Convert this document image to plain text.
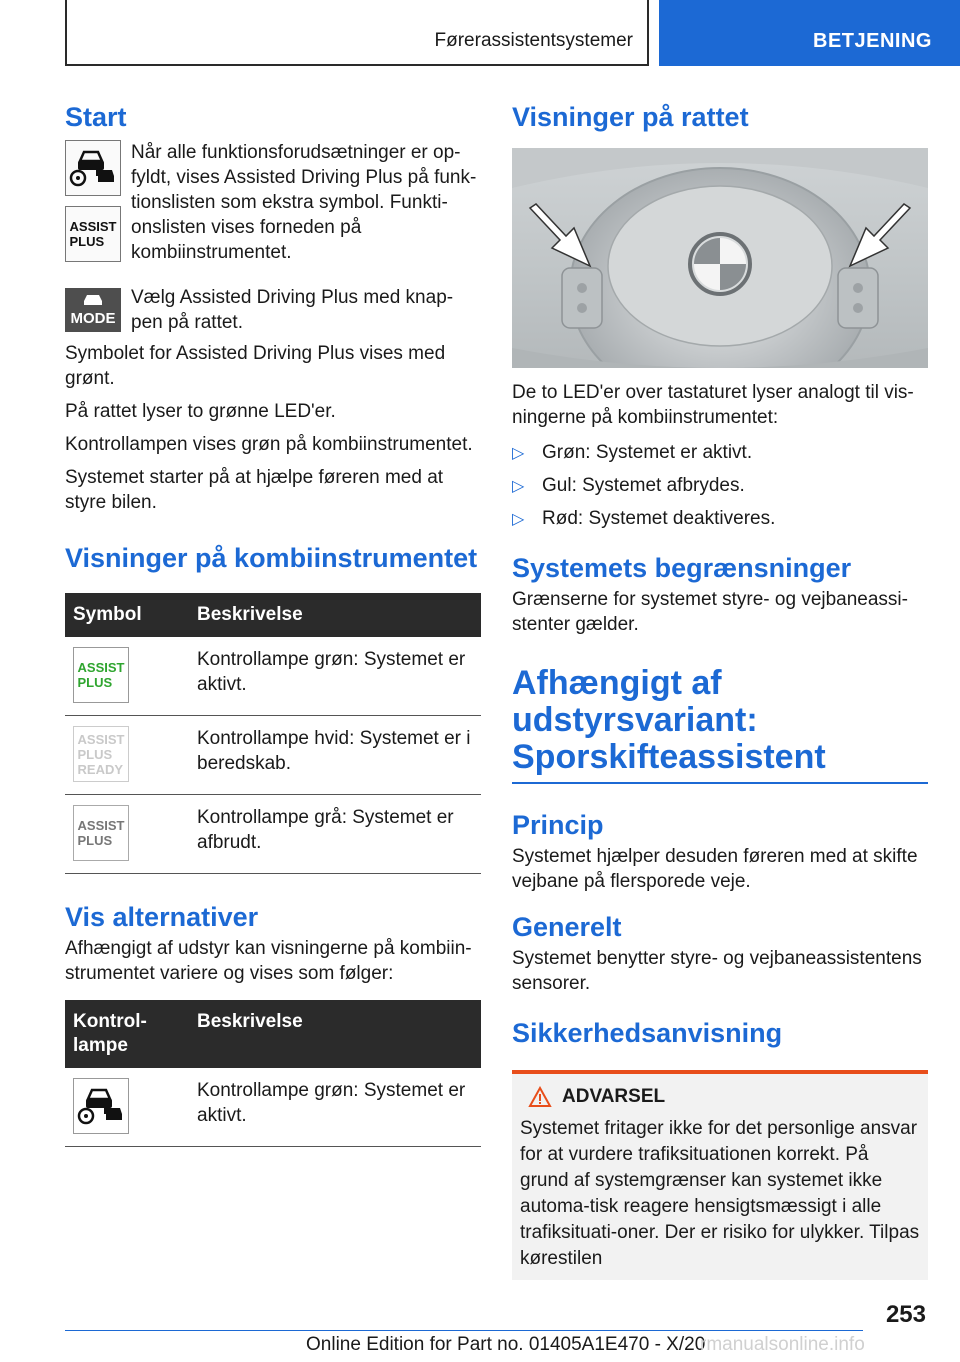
Førerassistentsystemer	BETJENING
Start
ASSIST
PLUS

Når alle funktionsforudsætninger er op-fyldt, vises Assisted Driving Plus på funk-tionslisten som ekstra symbol. Funkti-onslisten vises forneden på kombiinstrumentet.

MODE

Vælg Assisted Driving Plus med knap-pen på rattet.

Symbolet for Assisted Driving Plus vises med grønt.

På rattet lyser to grønne LED'er.

Kontrollampen vises grøn på kombiinstrumentet.

Systemet starter på at hjælpe føreren med at styre bilen.

Visninger på kombiinstrumentet
Symbol	Beskrivelse

ASSIST
PLUS	Kontrollampe grøn: Systemet er aktivt.

ASSIST
PLUS
READY	Kontrollampe hvid: Systemet er i beredskab.

ASSIST
PLUS	Kontrollampe grå: Systemet er afbrudt.
Vis alternativer

Afhængigt af udstyr kan visningerne på kombiin-strumentet variere og vises som følger:

Kontrol-lampe	Beskrivelse

	Kontrollampe grøn: Systemet er aktivt.
Visninger på rattet

De to LED'er over tastaturet lyser analogt til vis-ningerne på kombiinstrumentet:

▷ Grøn: Systemet er aktivt.
▷ Gul: Systemet afbrydes.
▷ Rød: Systemet deaktiveres.
Systemets begrænsninger

Grænserne for systemet styre- og vejbaneassi-stenter gælder.

Afhængigt af udstyrsvariant: Sporskifteassistent
Princip

Systemet hjælper desuden føreren med at skifte vejbane på flersporede veje.

Generelt

Systemet benytter styre- og vejbaneassistentens sensorer.

Sikkerhedsanvisning
ADVARSEL

Systemet fritager ikke for det personlige ansvar for at vurdere trafiksituationen korrekt. På grund af systemgrænser kan systemet ikke automa-tisk reagere hensigtsmæssigt i alle trafiksituati-oner. Der er risiko for ulykker. Tilpas kørestilen

253
Online Edition for Part no. 01405A1E470 - X/20
rmanualsonline.info
